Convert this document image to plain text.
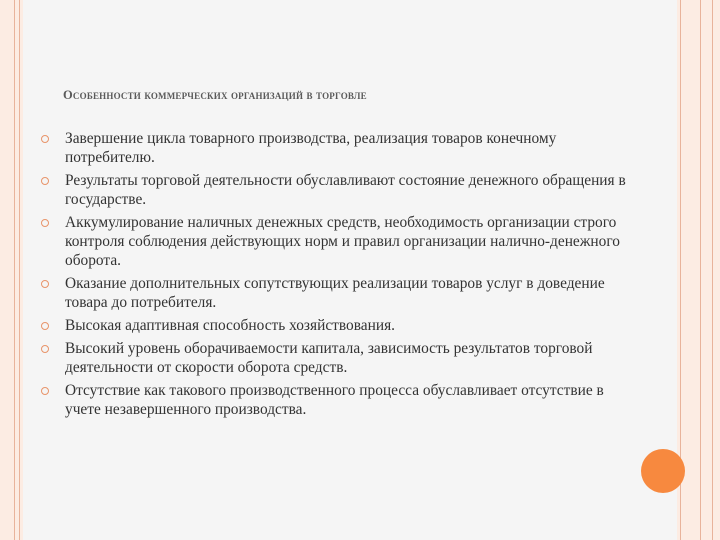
Особенности коммерческих организаций в торговле
Завершение цикла товарного производства, реализация товаров конечному потребителю.
Результаты торговой деятельности обуславливают состояние денежного обращения в государстве.
Аккумулирование наличных денежных средств, необходимость организации строго контроля соблюдения действующих норм и правил организации налично-денежного оборота.
Оказание дополнительных сопутствующих реализации товаров услуг в доведение товара до потребителя.
Высокая адаптивная способность хозяйствования.
Высокий уровень оборачиваемости капитала, зависимость результатов торговой деятельности от скорости оборота средств.
Отсутствие как такового производственного процесса обуславливает отсутствие в учете незавершенного производства.
